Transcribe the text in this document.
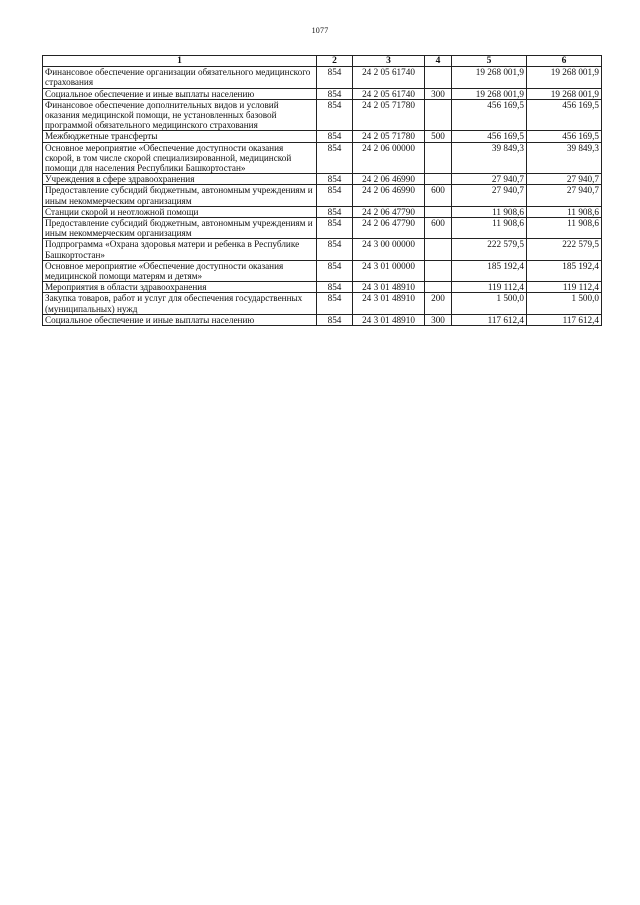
1077
1	2	3	4	5	6
Финансовое обеспечение организации обязательного медицинского страхования	854	24 2 05 61740		19 268 001,9	19 268 001,9
Социальное обеспечение и иные выплаты населению	854	24 2 05 61740	300	19 268 001,9	19 268 001,9
Финансовое обеспечение дополнительных видов и условий оказания медицинской помощи, не установленных базовой программой обязательного медицинского страхования	854	24 2 05 71780		456 169,5	456 169,5
Межбюджетные трансферты	854	24 2 05 71780	500	456 169,5	456 169,5
Основное мероприятие «Обеспечение доступности оказания скорой, в том числе скорой специализированной, медицинской помощи для населения Республики Башкортостан»	854	24 2 06 00000		39 849,3	39 849,3
Учреждения в сфере здравоохранения	854	24 2 06 46990		27 940,7	27 940,7
Предоставление субсидий бюджетным, автономным учреждениям и иным некоммерческим организациям	854	24 2 06 46990	600	27 940,7	27 940,7
Станции скорой и неотложной помощи	854	24 2 06 47790		11 908,6	11 908,6
Предоставление субсидий бюджетным, автономным учреждениям и иным некоммерческим организациям	854	24 2 06 47790	600	11 908,6	11 908,6
Подпрограмма «Охрана здоровья матери и ребенка в Республике Башкортостан»	854	24 3 00 00000		222 579,5	222 579,5
Основное мероприятие «Обеспечение доступности оказания медицинской помощи матерям и детям»	854	24 3 01 00000		185 192,4	185 192,4
Мероприятия в области здравоохранения	854	24 3 01 48910		119 112,4	119 112,4
Закупка товаров, работ и услуг для обеспечения государственных (муниципальных) нужд	854	24 3 01 48910	200	1 500,0	1 500,0
Социальное обеспечение и иные выплаты населению	854	24 3 01 48910	300	117 612,4	117 612,4
